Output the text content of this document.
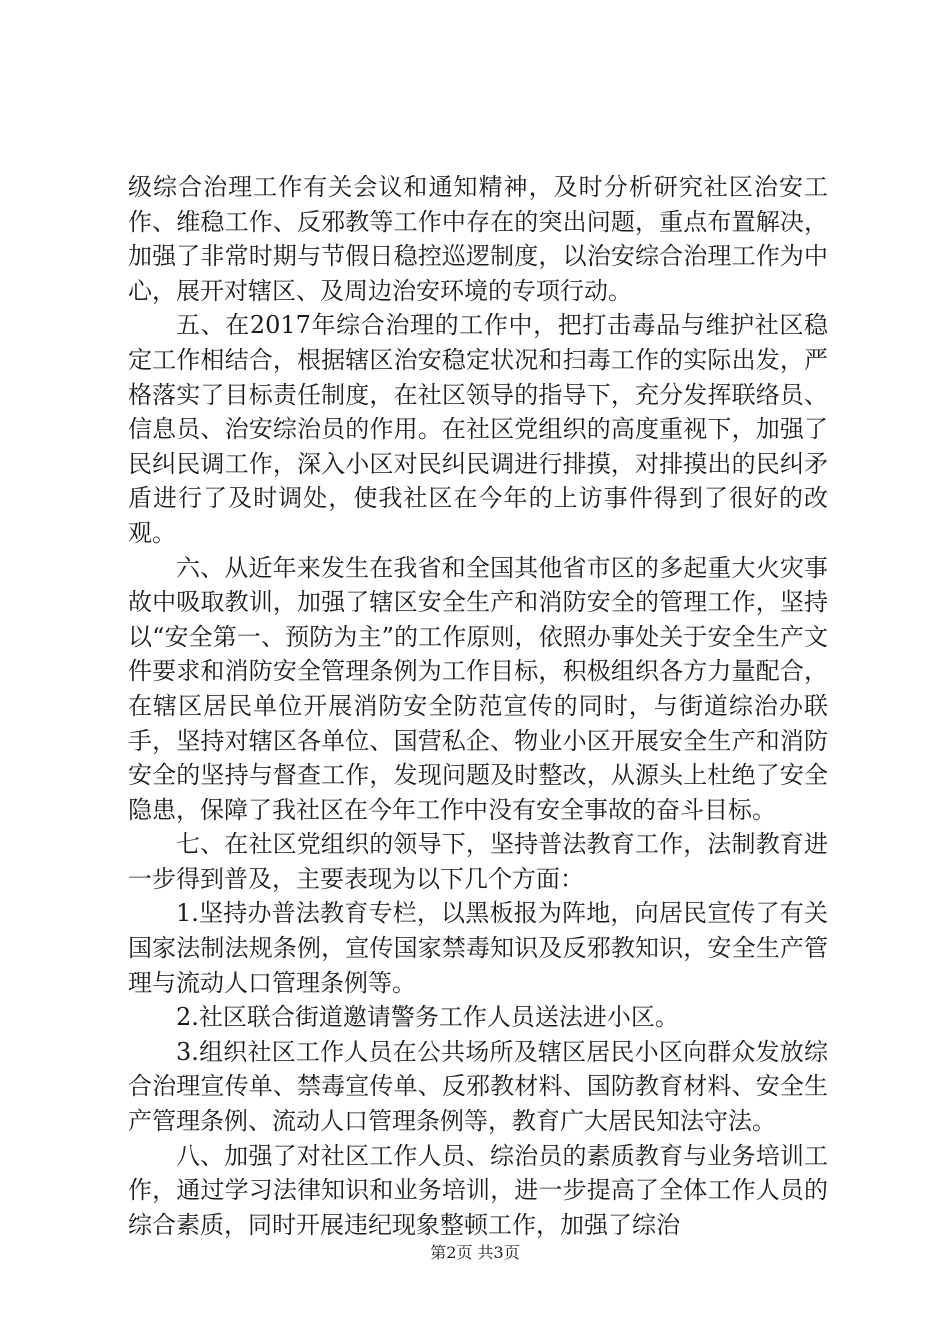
级综合治理工作有关会议和通知精神，及时分析研究社区治安工作、维稳工作、反邪教等工作中存在的突出问题，重点布置解决，加强了非常时期与节假日稳控巡逻制度，以治安综合治理工作为中心，展开对辖区、及周边治安环境的专项行动。

五、在2017年综合治理的工作中，把打击毒品与维护社区稳定工作相结合，根据辖区治安稳定状况和扫毒工作的实际出发，严格落实了目标责任制度，在社区领导的指导下，充分发挥联络员、信息员、治安综治员的作用。在社区党组织的高度重视下，加强了民纠民调工作，深入小区对民纠民调进行排摸，对排摸出的民纠矛盾进行了及时调处，使我社区在今年的上访事件得到了很好的改观。

六、从近年来发生在我省和全国其他省市区的多起重大火灾事故中吸取教训，加强了辖区安全生产和消防安全的管理工作，坚持以“安全第一、预防为主”的工作原则，依照办事处关于安全生产文件要求和消防安全管理条例为工作目标，积极组织各方力量配合，在辖区居民单位开展消防安全防范宣传的同时，与街道综治办联手，坚持对辖区各单位、国营私企、物业小区开展安全生产和消防安全的坚持与督查工作，发现问题及时整改，从源头上杜绝了安全隐患，保障了我社区在今年工作中没有安全事故的奋斗目标。

七、在社区党组织的领导下，坚持普法教育工作，法制教育进一步得到普及，主要表现为以下几个方面：

1.坚持办普法教育专栏，以黑板报为阵地，向居民宣传了有关国家法制法规条例，宣传国家禁毒知识及反邪教知识，安全生产管理与流动人口管理条例等。

2.社区联合街道邀请警务工作人员送法进小区。

3.组织社区工作人员在公共场所及辖区居民小区向群众发放综合治理宣传单、禁毒宣传单、反邪教材料、国防教育材料、安全生产管理条例、流动人口管理条例等，教育广大居民知法守法。

八、加强了对社区工作人员、综治员的素质教育与业务培训工作，通过学习法律知识和业务培训，进一步提高了全体工作人员的综合素质，同时开展违纪现象整顿工作，加强了综治

第2页 共3页
